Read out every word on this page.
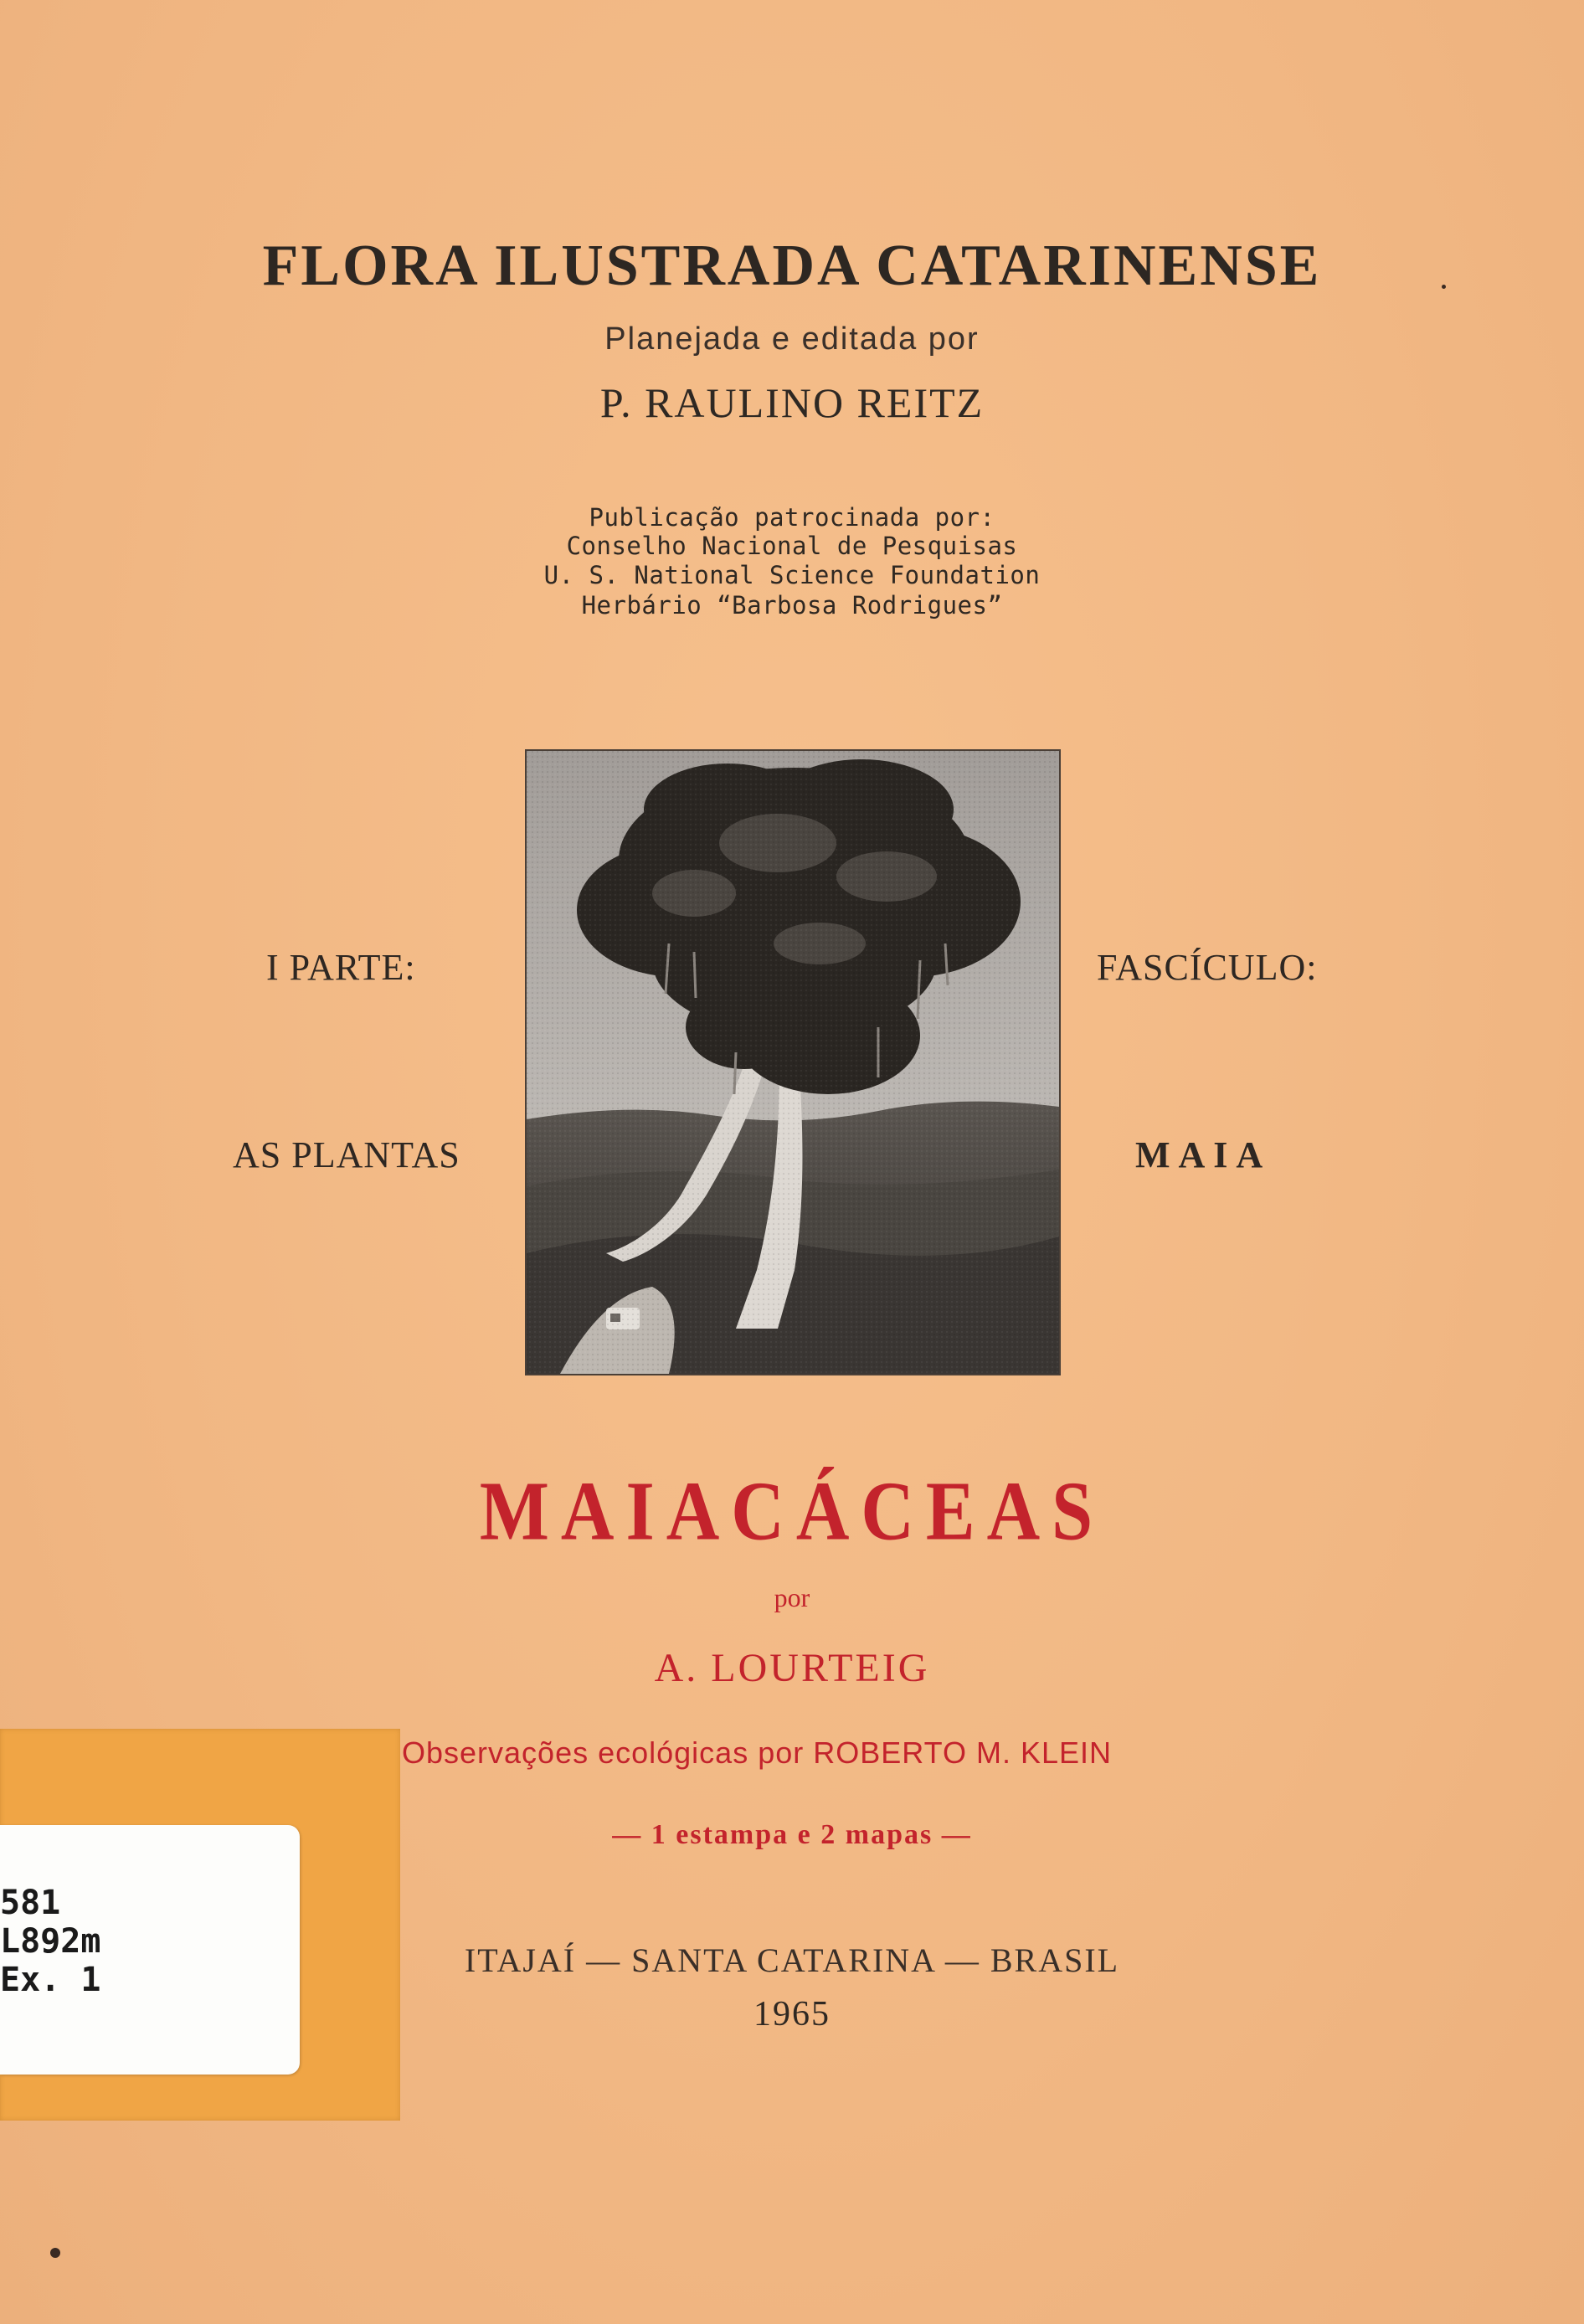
FLORA ILUSTRADA CATARINENSE
Planejada e editada por
P. RAULINO REITZ
Publicação patrocinada por:
Conselho Nacional de Pesquisas
U. S. National Science Foundation
Herbário “Barbosa Rodrigues”
I PARTE:
AS PLANTAS
FASCÍCULO:
MAIA
MAIACÁCEAS
por
A. LOURTEIG
Observações ecológicas por ROBERTO M. KLEIN
— 1 estampa e 2 mapas —
ITAJAÍ — SANTA CATARINA — BRASIL
1965
581
L892m
Ex. 1
